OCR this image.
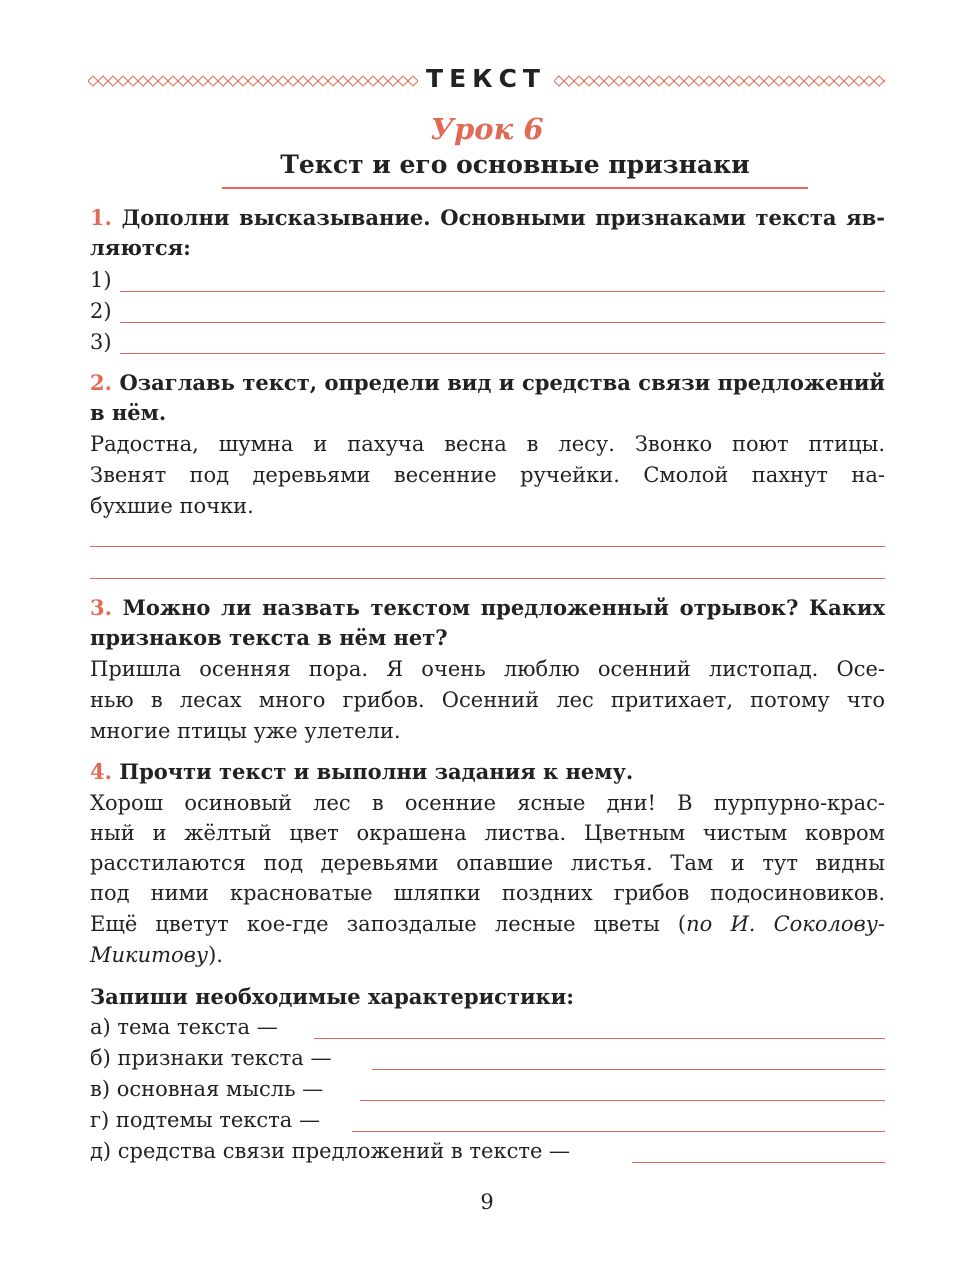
ТЕКСТ
Урок 6
Текст и его основные признаки
1. Дополни высказывание. Основными признаками текста яв-
ляются:
1)
2)
3)
2. Озаглавь текст, определи вид и средства связи предложений
в нём.
Радостна, шумна и пахуча весна в лесу. Звонко поют птицы.
Звенят под деревьями весенние ручейки. Смолой пахнут на-
бухшие почки.
3. Можно ли назвать текстом предложенный отрывок? Каких
признаков текста в нём нет?
Пришла осенняя пора. Я очень люблю осенний листопад. Осе-
нью в лесах много грибов. Осенний лес притихает, потому что
многие птицы уже улетели.
4. Прочти текст и выполни задания к нему.
Хорош осиновый лес в осенние ясные дни! В пурпурно-крас-
ный и жёлтый цвет окрашена листва. Цветным чистым ковром
расстилаются под деревьями опавшие листья. Там и тут видны
под ними красноватые шляпки поздних грибов подосиновиков.
Ещё цветут кое-где запоздалые лесные цветы (по И. Соколову-
Микитову).
Запиши необходимые характеристики:
а) тема текста —
б) признаки текста —
в) основная мысль —
г) подтемы текста —
д) средства связи предложений в тексте —
9
